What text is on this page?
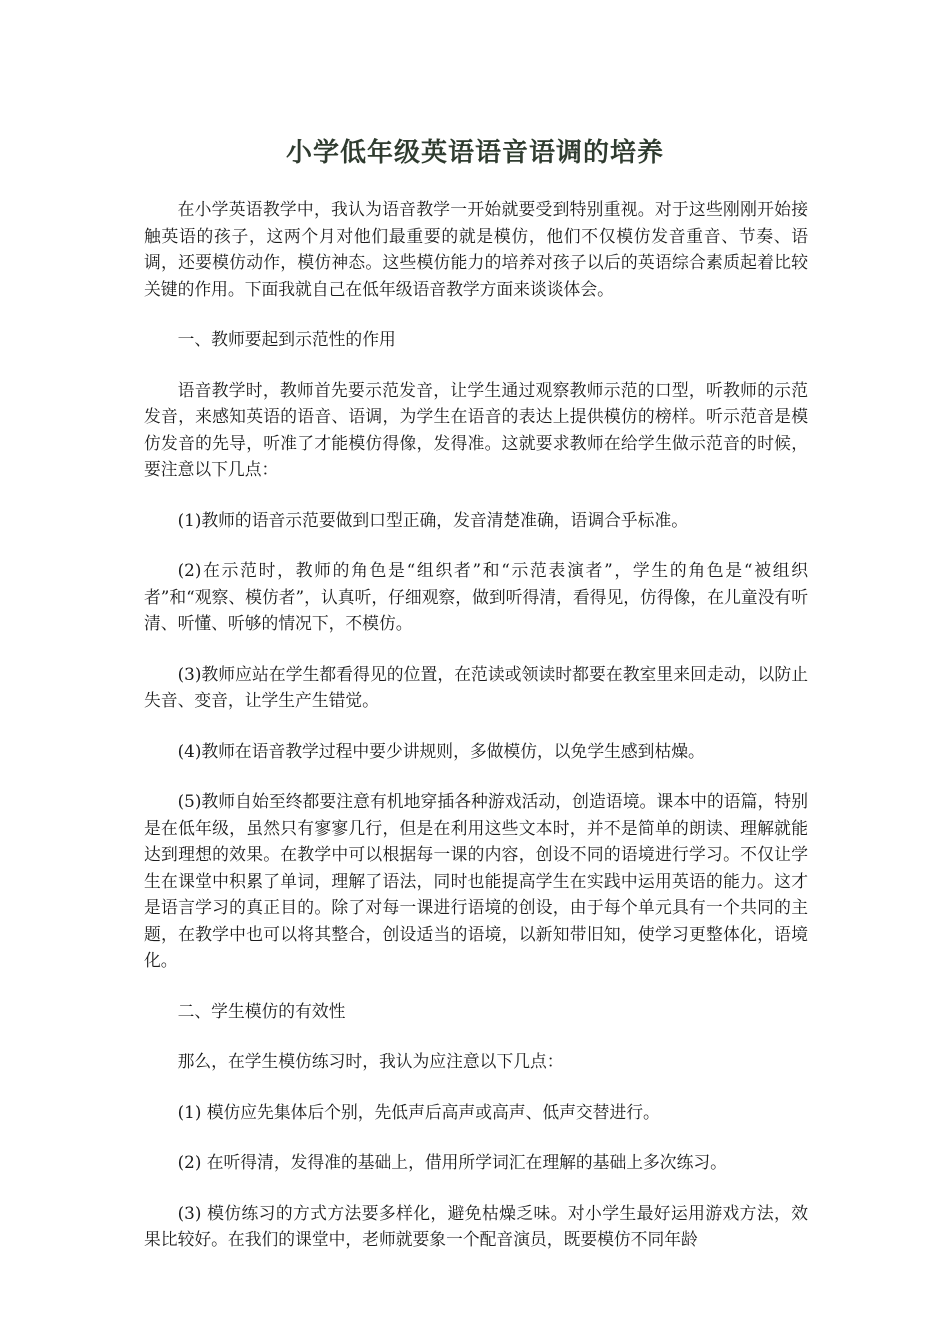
小学低年级英语语音语调的培养

在小学英语教学中，我认为语音教学一开始就要受到特别重视。对于这些刚刚开始接触英语的孩子，这两个月对他们最重要的就是模仿，他们不仅模仿发音重音、节奏、语调，还要模仿动作，模仿神态。这些模仿能力的培养对孩子以后的英语综合素质起着比较关键的作用。下面我就自己在低年级语音教学方面来谈谈体会。

一、教师要起到示范性的作用

语音教学时，教师首先要示范发音，让学生通过观察教师示范的口型，听教师的示范发音，来感知英语的语音、语调，为学生在语音的表达上提供模仿的榜样。听示范音是模仿发音的先导，听准了才能模仿得像，发得准。这就要求教师在给学生做示范音的时候，要注意以下几点：

(1)教师的语音示范要做到口型正确，发音清楚准确，语调合乎标准。

(2)在示范时，教师的角色是“组织者”和“示范表演者”，学生的角色是“被组织者”和“观察、模仿者”，认真听，仔细观察，做到听得清，看得见，仿得像，在儿童没有听清、听懂、听够的情况下，不模仿。

(3)教师应站在学生都看得见的位置，在范读或领读时都要在教室里来回走动，以防止失音、变音，让学生产生错觉。

(4)教师在语音教学过程中要少讲规则，多做模仿，以免学生感到枯燥。

(5)教师自始至终都要注意有机地穿插各种游戏活动，创造语境。课本中的语篇，特别是在低年级，虽然只有寥寥几行，但是在利用这些文本时，并不是简单的朗读、理解就能达到理想的效果。在教学中可以根据每一课的内容，创设不同的语境进行学习。不仅让学生在课堂中积累了单词，理解了语法，同时也能提高学生在实践中运用英语的能力。这才是语言学习的真正目的。除了对每一课进行语境的创设，由于每个单元具有一个共同的主题，在教学中也可以将其整合，创设适当的语境，以新知带旧知，使学习更整体化，语境化。

二、学生模仿的有效性

那么，在学生模仿练习时，我认为应注意以下几点：

(1) 模仿应先集体后个别，先低声后高声或高声、低声交替进行。

(2) 在听得清，发得准的基础上，借用所学词汇在理解的基础上多次练习。

(3) 模仿练习的方式方法要多样化，避免枯燥乏味。对小学生最好运用游戏方法，效果比较好。在我们的课堂中，老师就要象一个配音演员，既要模仿不同年龄
